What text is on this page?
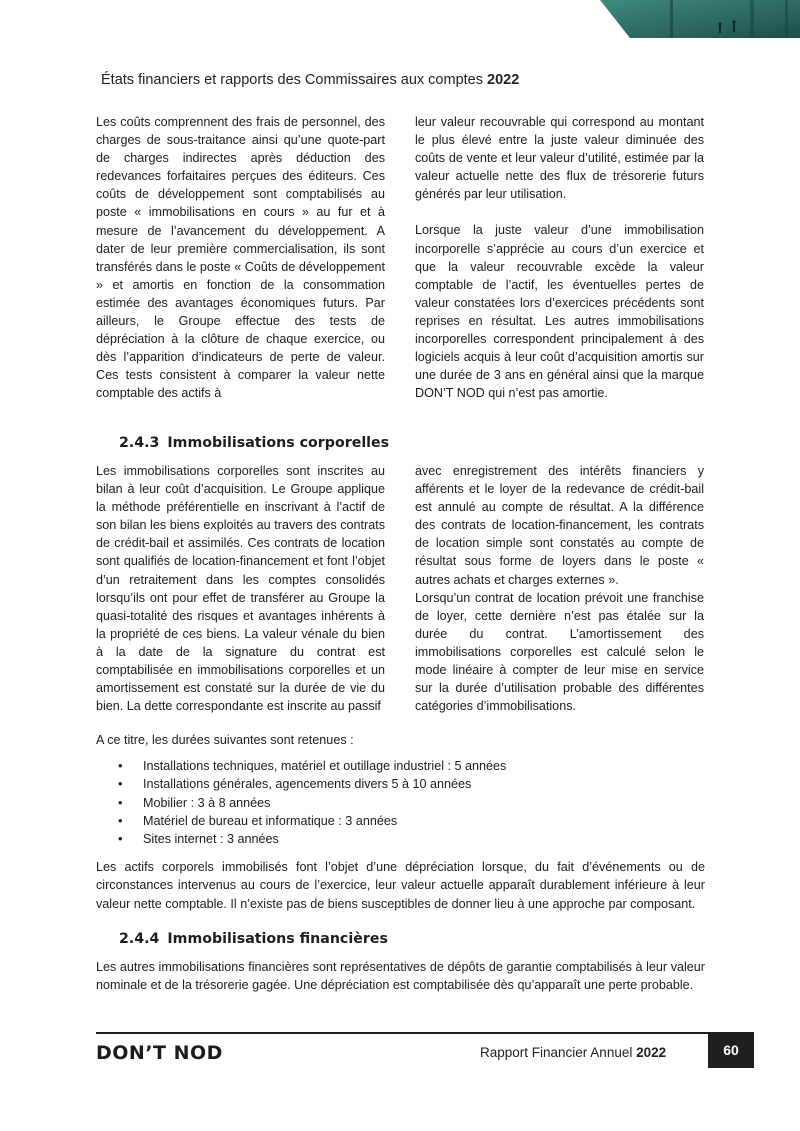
États financiers et rapports des Commissaires aux comptes 2022

Les coûts comprennent des frais de personnel, des charges de sous-traitance ainsi qu’une quote-part de charges indirectes après déduction des redevances forfaitaires perçues des éditeurs. Ces coûts de développement sont comptabilisés au poste « immobilisations en cours » au fur et à mesure de l’avancement du développement. A dater de leur première commercialisation, ils sont transférés dans le poste « Coûts de développement » et amortis en fonction de la consommation estimée des avantages économiques futurs. Par ailleurs, le Groupe effectue des tests de dépréciation à la clôture de chaque exercice, ou dès l’apparition d’indicateurs de perte de valeur. Ces tests consistent à comparer la valeur nette comptable des actifs à

leur valeur recouvrable qui correspond au montant le plus élevé entre la juste valeur diminuée des coûts de vente et leur valeur d’utilité, estimée par la valeur actuelle nette des flux de trésorerie futurs générés par leur utilisation.

Lorsque la juste valeur d’une immobilisation incorporelle s’apprécie au cours d’un exercice et que la valeur recouvrable excède la valeur comptable de l’actif, les éventuelles pertes de valeur constatées lors d’exercices précédents sont reprises en résultat. Les autres immobilisations incorporelles correspondent principalement à des logiciels acquis à leur coût d’acquisition amortis sur une durée de 3 ans en général ainsi que la marque DON’T NOD qui n’est pas amortie.

2.4.3 Immobilisations corporelles

Les immobilisations corporelles sont inscrites au bilan à leur coût d’acquisition. Le Groupe applique la méthode préférentielle en inscrivant à l’actif de son bilan les biens exploités au travers des contrats de crédit-bail et assimilés. Ces contrats de location sont qualifiés de location-financement et font l’objet d’un retraitement dans les comptes consolidés lorsqu’ils ont pour effet de transférer au Groupe la quasi-totalité des risques et avantages inhérents à la propriété de ces biens. La valeur vénale du bien à la date de la signature du contrat est comptabilisée en immobilisations corporelles et un amortissement est constaté sur la durée de vie du bien. La dette correspondante est inscrite au passif

avec enregistrement des intérêts financiers y afférents et le loyer de la redevance de crédit-bail est annulé au compte de résultat. A la différence des contrats de location-financement, les contrats de location simple sont constatés au compte de résultat sous forme de loyers dans le poste « autres achats et charges externes ».

Lorsqu’un contrat de location prévoit une franchise de loyer, cette dernière n’est pas étalée sur la durée du contrat. L’amortissement des immobilisations corporelles est calculé selon le mode linéaire à compter de leur mise en service sur la durée d’utilisation probable des différentes catégories d’immobilisations.

A ce titre, les durées suivantes sont retenues :

• Installations techniques, matériel et outillage industriel : 5 années
• Installations générales, agencements divers 5 à 10 années
• Mobilier : 3 à 8 années
• Matériel de bureau et informatique : 3 années
• Sites internet : 3 années

Les actifs corporels immobilisés font l’objet d’une dépréciation lorsque, du fait d’événements ou de circonstances intervenus au cours de l’exercice, leur valeur actuelle apparaît durablement inférieure à leur valeur nette comptable. Il n’existe pas de biens susceptibles de donner lieu à une approche par composant.

2.4.4 Immobilisations financières

Les autres immobilisations financières sont représentatives de dépôts de garantie comptabilisés à leur valeur nominale et de la trésorerie gagée. Une dépréciation est comptabilisée dès qu’apparaît une perte probable.

DON’T NOD	Rapport Financier Annuel 2022	60
